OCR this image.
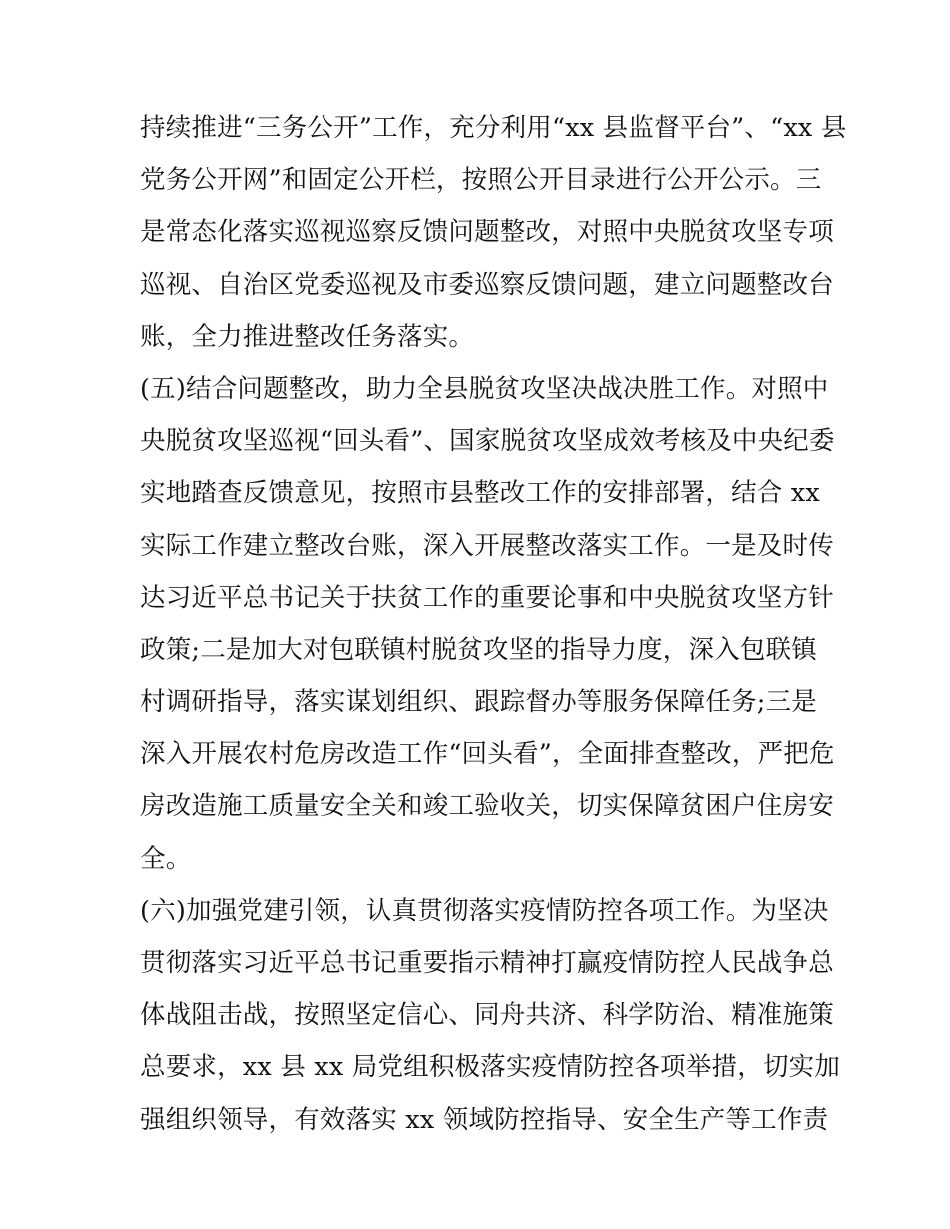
持续推进“三务公开”工作，充分利用“xx 县监督平台”、“xx 县
党务公开网”和固定公开栏，按照公开目录进行公开公示。三
是常态化落实巡视巡察反馈问题整改，对照中央脱贫攻坚专项
巡视、自治区党委巡视及市委巡察反馈问题，建立问题整改台
账，全力推进整改任务落实。
(五)结合问题整改，助力全县脱贫攻坚决战决胜工作。对照中
央脱贫攻坚巡视“回头看”、国家脱贫攻坚成效考核及中央纪委
实地踏查反馈意见，按照市县整改工作的安排部署，结合 xx
实际工作建立整改台账，深入开展整改落实工作。一是及时传
达习近平总书记关于扶贫工作的重要论事和中央脱贫攻坚方针
政策;二是加大对包联镇村脱贫攻坚的指导力度，深入包联镇
村调研指导，落实谋划组织、跟踪督办等服务保障任务;三是
深入开展农村危房改造工作“回头看”，全面排查整改，严把危
房改造施工质量安全关和竣工验收关，切实保障贫困户住房安
全。
(六)加强党建引领，认真贯彻落实疫情防控各项工作。为坚决
贯彻落实习近平总书记重要指示精神打赢疫情防控人民战争总
体战阻击战，按照坚定信心、同舟共济、科学防治、精准施策
总要求，xx 县 xx 局党组积极落实疫情防控各项举措，切实加
强组织领导，有效落实 xx 领域防控指导、安全生产等工作责
